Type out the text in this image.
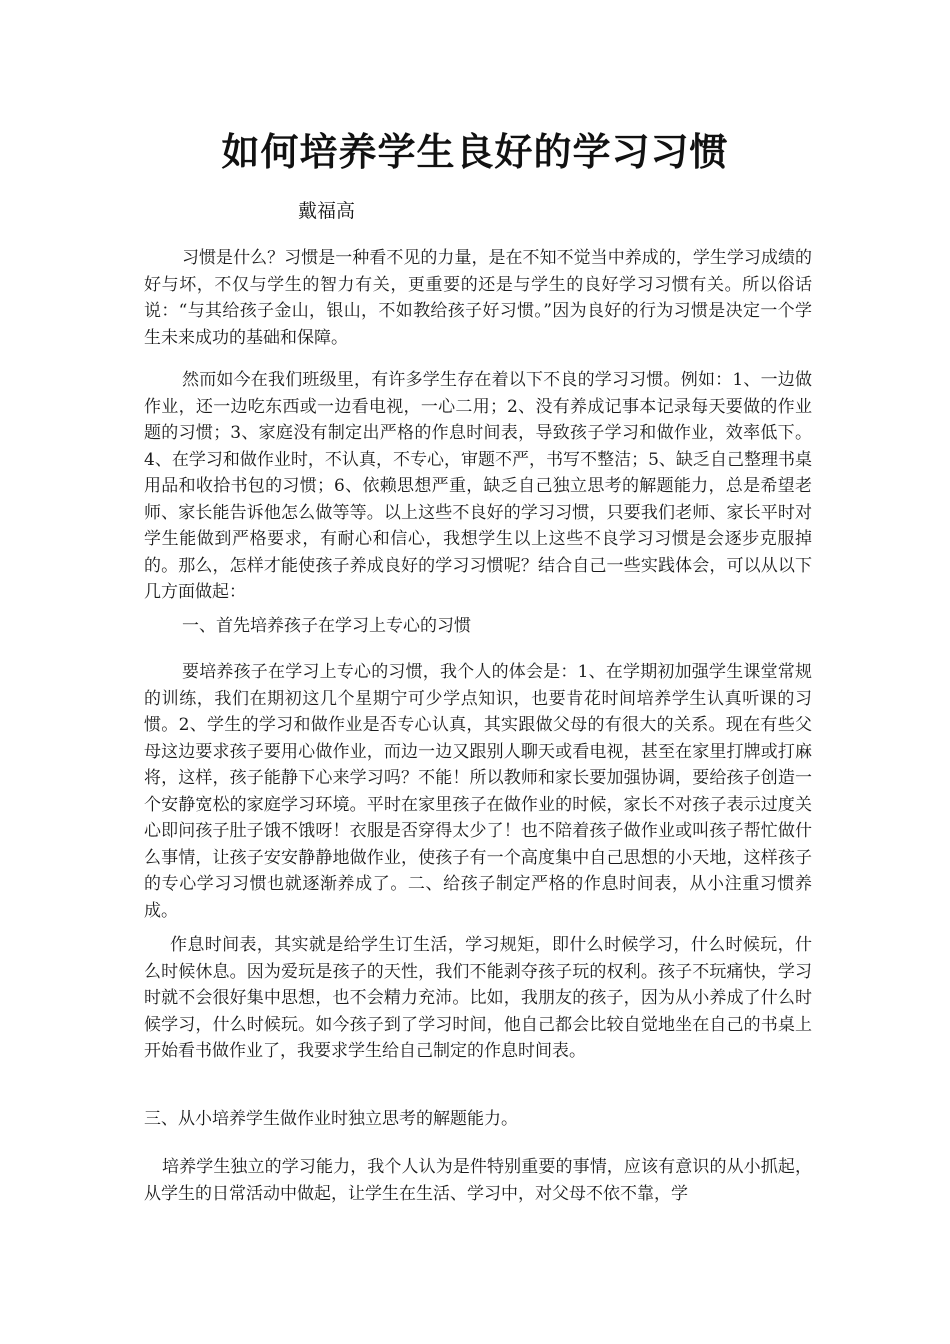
如何培养学生良好的学习习惯
戴福高

习惯是什么？习惯是一种看不见的力量，是在不知不觉当中养成的，学生学习成绩的好与坏，不仅与学生的智力有关，更重要的还是与学生的良好学习习惯有关。所以俗话说：“与其给孩子金山，银山，不如教给孩子好习惯。”因为良好的行为习惯是决定一个学生未来成功的基础和保障。

然而如今在我们班级里，有许多学生存在着以下不良的学习习惯。例如：1、一边做作业，还一边吃东西或一边看电视，一心二用；2、没有养成记事本记录每天要做的作业题的习惯；3、家庭没有制定出严格的作息时间表，导致孩子学习和做作业，效率低下。4、在学习和做作业时，不认真，不专心，审题不严，书写不整洁；5、缺乏自己整理书桌用品和收拾书包的习惯；6、依赖思想严重，缺乏自己独立思考的解题能力，总是希望老师、家长能告诉他怎么做等等。以上这些不良好的学习习惯，只要我们老师、家长平时对学生能做到严格要求，有耐心和信心，我想学生以上这些不良学习习惯是会逐步克服掉的。那么，怎样才能使孩子养成良好的学习习惯呢？结合自己一些实践体会，可以从以下几方面做起：

一、首先培养孩子在学习上专心的习惯

要培养孩子在学习上专心的习惯，我个人的体会是：1、在学期初加强学生课堂常规的训练，我们在期初这几个星期宁可少学点知识，也要肯花时间培养学生认真听课的习惯。2、学生的学习和做作业是否专心认真，其实跟做父母的有很大的关系。现在有些父母这边要求孩子要用心做作业，而边一边又跟别人聊天或看电视，甚至在家里打牌或打麻将，这样，孩子能静下心来学习吗？不能！所以教师和家长要加强协调，要给孩子创造一个安静宽松的家庭学习环境。平时在家里孩子在做作业的时候，家长不对孩子表示过度关心即问孩子肚子饿不饿呀！衣服是否穿得太少了！也不陪着孩子做作业或叫孩子帮忙做什么事情，让孩子安安静静地做作业，使孩子有一个高度集中自己思想的小天地，这样孩子的专心学习习惯也就逐渐养成了。二、给孩子制定严格的作息时间表，从小注重习惯养成。

作息时间表，其实就是给学生订生活，学习规矩，即什么时候学习，什么时候玩，什么时候休息。因为爱玩是孩子的天性，我们不能剥夺孩子玩的权利。孩子不玩痛快，学习时就不会很好集中思想，也不会精力充沛。比如，我朋友的孩子，因为从小养成了什么时候学习，什么时候玩。如今孩子到了学习时间，他自己都会比较自觉地坐在自己的书桌上开始看书做作业了，我要求学生给自己制定的作息时间表。

三、从小培养学生做作业时独立思考的解题能力。

培养学生独立的学习能力，我个人认为是件特别重要的事情，应该有意识的从小抓起，从学生的日常活动中做起，让学生在生活、学习中，对父母不依不靠，学
